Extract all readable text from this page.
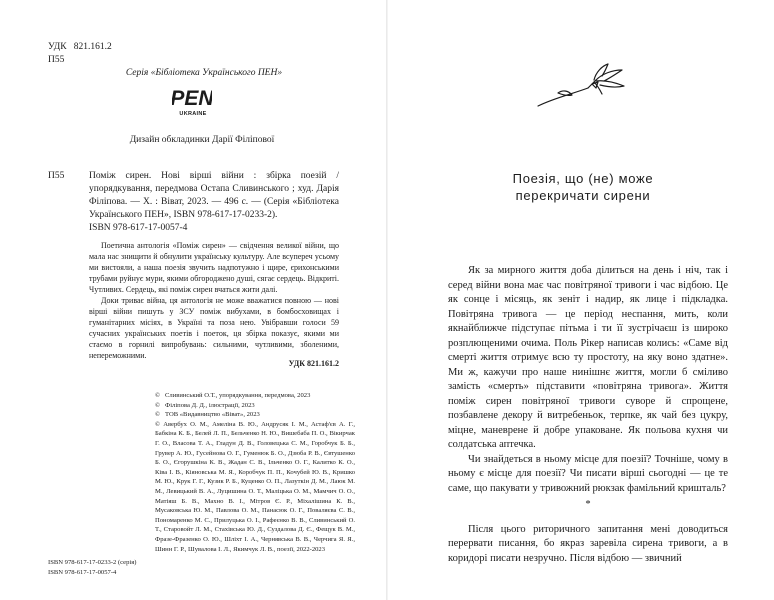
УДК   821.161.2
П55
Серія «Бібліотека Українського ПЕН»
PEN
UKRAINE
Дизайн обкладинки Дарії Філіпової
П55	Поміж сирен. Нові вірші війни : збірка поезій / упорядкування, передмова Остапа Сливинського ; худ. Дарія Філіпова. — Х. : Віват, 2023. — 496 с. — (Серія «Бібліотека Українського ПЕН», ISBN 978-617-17-0233-2).
ISBN 978-617-17-0057-4

Поетична антологія «Поміж сирен» — свідчення великої війни, що мала нас знищити й обнулити українську культуру. Але всупереч усьому ми вистояли, а наша поезія звучить надпотужно і щире, єрихонськими трубами руйнує мури, якими обгороджено душі, сягає сердець. Відкриті. Чутливих. Сердець, які поміж сирен вчаться жити далі.

Доки триває війна, ця антологія не може вважатися повною — нові вірші війни пишуть у ЗСУ поміж вибухами, в бомбосховищах і гуманітарних місіях, в Україні та поза нею. Увібравши голоси 59 сучасних українських поетів і поеток, ця збірка показує, якими ми стаємо в горнилі випробувань: сильними, чутливими, зболеними, непереможними.

УДК 821.161.2
© Сливинський О.Т., упорядкування, передмова, 2023
© Філіпова Д. Д., ілюстрації, 2023
© ТОВ «Видавництво «Віват», 2023
© Авербух О. М., Амеліна В. Ю., Андрусяк І. М., Астаф'єв А. Г., Бабкіна К. Б., Белей Л. П., Бельченко Н. Ю., Вишебаба П. О., Вікирчак Г. О., Власова Т. А., Гладун Д. В., Головецька С. М., Горобчук Б. Б., Грувер А. Ю., Гусейнова О. Г., Гуменюк Б. О., Дзюба Р. В., Євтушенко Б. О., Єгорушкіна К. В., Жадан С. В., Ільченко О. Г., Калитко К. О., Ківа І. В., Кіяновська М. Я., Коробчук П. П., Кочубей Ю. В., Кришко М. Ю., Крук Г. Г., Кузик Р. Б., Куценко О. П., Лазуткін Д. М., Лаюк М. М., Левицький В. А., Луцишина О. Т., Маліцька О. М., Мамчич О. О., Матіяш Б. В., Махно В. І., Мітров Є. Р., Міхалішина К. В., Мусаковська Ю. М., Павлова О. М., Панасюк О. Г., Поваляєва С. В., Пономаренко М. С., Прилуцька О. І., Рафеєнко В. В., Сливинський О. Т., Старовойт Л. М., Стахівська Ю. Д., Суздалова Д. Є., Фещук В. М., Фразе-Фразенко О. Ю., Шліхт І. А., Чернявська В. В., Черчига Я. Я., Шинн Г. Р., Шувалова І. Л., Якимчук Л. В., поезії, 2022-2023
ISBN 978-617-17-0233-2 (серія)
ISBN 978-617-17-0057-4
Поезія, що (не) може
перекричати сирени

Як за мирного життя доба ділиться на день і ніч, так і серед війни вона має час повітряної тривоги і час відбою. Це як сонце і місяць, як зеніт і надир, як лице і підкладка. Повітряна тривога — це період неспання, мить, коли якнайближче підступає пітьма і ти її зустрічаєш із широко розплющеними очима. Поль Рікер написав колись: «Саме від смерті життя отримує всю ту простоту, на яку воно здатне». Ми ж, кажучи про наше нинішнє життя, могли б сміливо замість «смерть» підставити «повітряна тривога». Життя поміж сирен повітряної тривоги суворе й спрощене, позбавлене декору й витребеньок, терпке, як чай без цукру, міцне, маневрене й добре упаковане. Як польова кухня чи солдатська аптечка.

Чи знайдеться в ньому місце для поезії? Точніше, чому в ньому є місце для поезії? Чи писати вірші сьогодні — це те саме, що пакувати у тривожний рюкзак фамільний кришталь?

*

Після цього риторичного запитання мені доводиться перервати писання, бо якраз заревіла сирена тривоги, а в коридорі писати незручно. Після відбою — звичний
